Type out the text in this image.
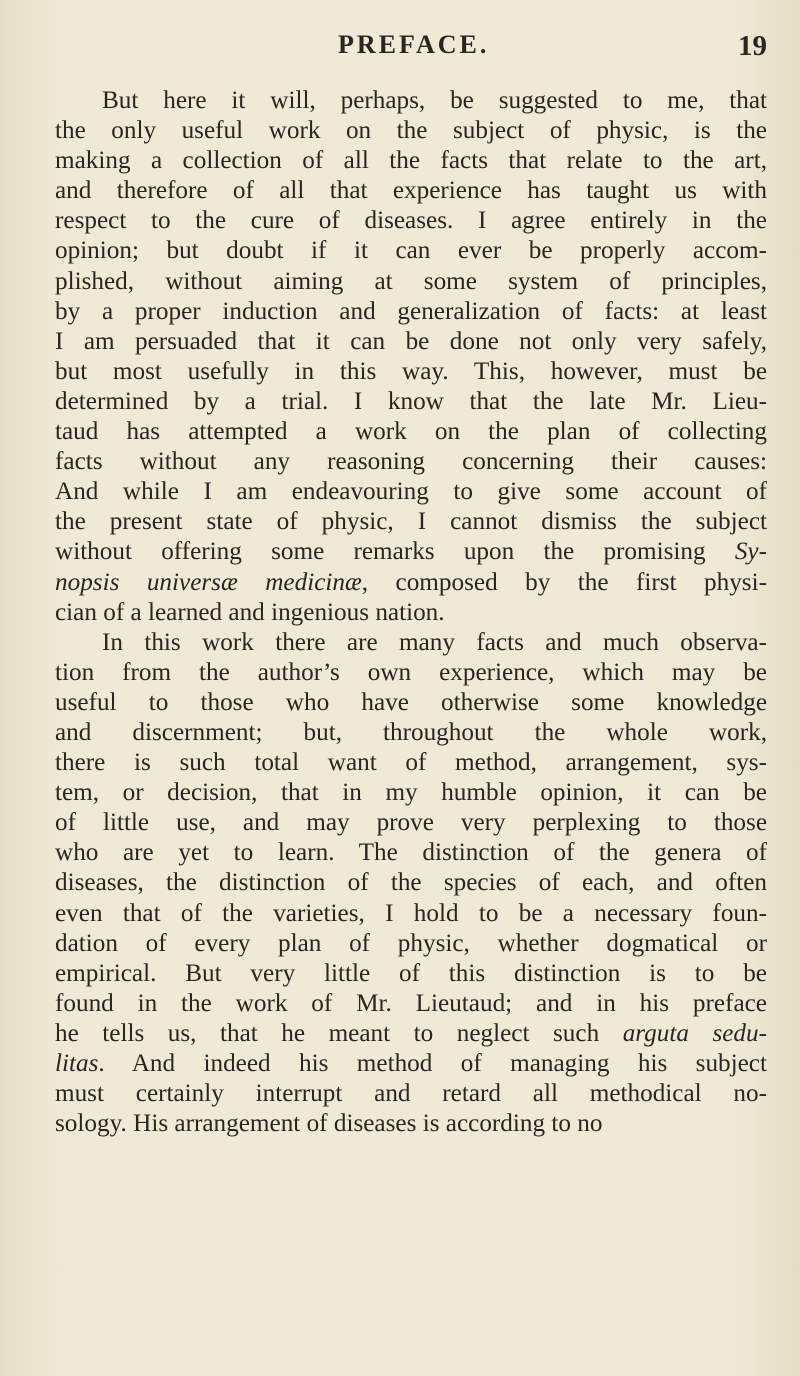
PREFACE.	19
But here it will, perhaps, be suggested to me, that
the only useful work on the subject of physic, is the
making a collection of all the facts that relate to the art,
and therefore of all that experience has taught us with
respect to the cure of diseases. I agree entirely in the
opinion; but doubt if it can ever be properly accom-
plished, without aiming at some system of principles,
by a proper induction and generalization of facts: at least
I am persuaded that it can be done not only very safely,
but most usefully in this way. This, however, must be
determined by a trial. I know that the late Mr. Lieu-
taud has attempted a work on the plan of collecting
facts without any reasoning concerning their causes:
And while I am endeavouring to give some account of
the present state of physic, I cannot dismiss the subject
without offering some remarks upon the promising Sy-
nopsis universæ medicinæ, composed by the first physi-
cian of a learned and ingenious nation.
In this work there are many facts and much observa-
tion from the author’s own experience, which may be
useful to those who have otherwise some knowledge
and discernment; but, throughout the whole work,
there is such total want of method, arrangement, sys-
tem, or decision, that in my humble opinion, it can be
of little use, and may prove very perplexing to those
who are yet to learn. The distinction of the genera of
diseases, the distinction of the species of each, and often
even that of the varieties, I hold to be a necessary foun-
dation of every plan of physic, whether dogmatical or
empirical. But very little of this distinction is to be
found in the work of Mr. Lieutaud; and in his preface
he tells us, that he meant to neglect such arguta sedu-
litas. And indeed his method of managing his subject
must certainly interrupt and retard all methodical no-
sology. His arrangement of diseases is according to no
